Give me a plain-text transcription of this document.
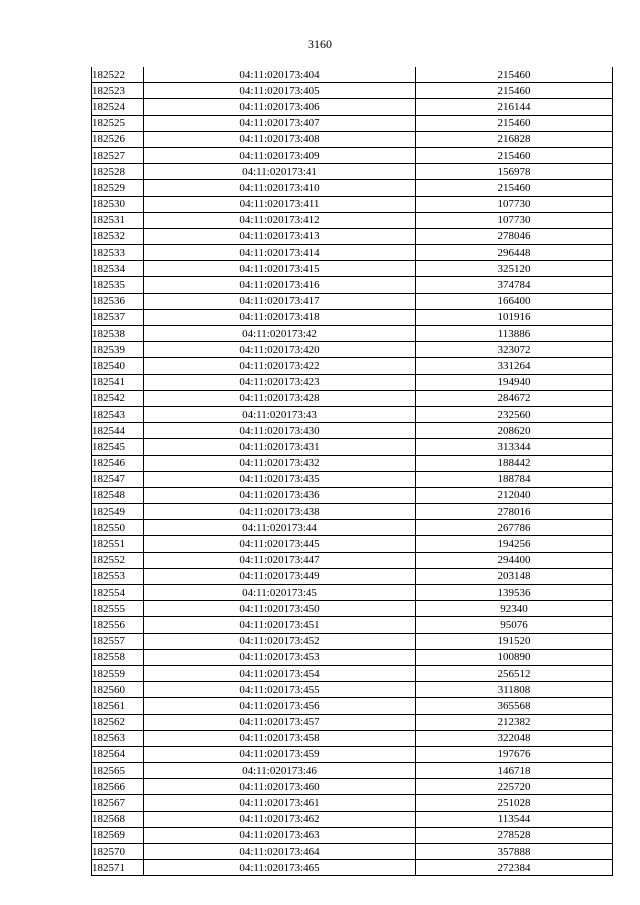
3160
182522	04:11:020173:404	215460
182523	04:11:020173:405	215460
182524	04:11:020173:406	216144
182525	04:11:020173:407	215460
182526	04:11:020173:408	216828
182527	04:11:020173:409	215460
182528	04:11:020173:41	156978
182529	04:11:020173:410	215460
182530	04:11:020173:411	107730
182531	04:11:020173:412	107730
182532	04:11:020173:413	278046
182533	04:11:020173:414	296448
182534	04:11:020173:415	325120
182535	04:11:020173:416	374784
182536	04:11:020173:417	166400
182537	04:11:020173:418	101916
182538	04:11:020173:42	113886
182539	04:11:020173:420	323072
182540	04:11:020173:422	331264
182541	04:11:020173:423	194940
182542	04:11:020173:428	284672
182543	04:11:020173:43	232560
182544	04:11:020173:430	208620
182545	04:11:020173:431	313344
182546	04:11:020173:432	188442
182547	04:11:020173:435	188784
182548	04:11:020173:436	212040
182549	04:11:020173:438	278016
182550	04:11:020173:44	267786
182551	04:11:020173:445	194256
182552	04:11:020173:447	294400
182553	04:11:020173:449	203148
182554	04:11:020173:45	139536
182555	04:11:020173:450	92340
182556	04:11:020173:451	95076
182557	04:11:020173:452	191520
182558	04:11:020173:453	100890
182559	04:11:020173:454	256512
182560	04:11:020173:455	311808
182561	04:11:020173:456	365568
182562	04:11:020173:457	212382
182563	04:11:020173:458	322048
182564	04:11:020173:459	197676
182565	04:11:020173:46	146718
182566	04:11:020173:460	225720
182567	04:11:020173:461	251028
182568	04:11:020173:462	113544
182569	04:11:020173:463	278528
182570	04:11:020173:464	357888
182571	04:11:020173:465	272384
